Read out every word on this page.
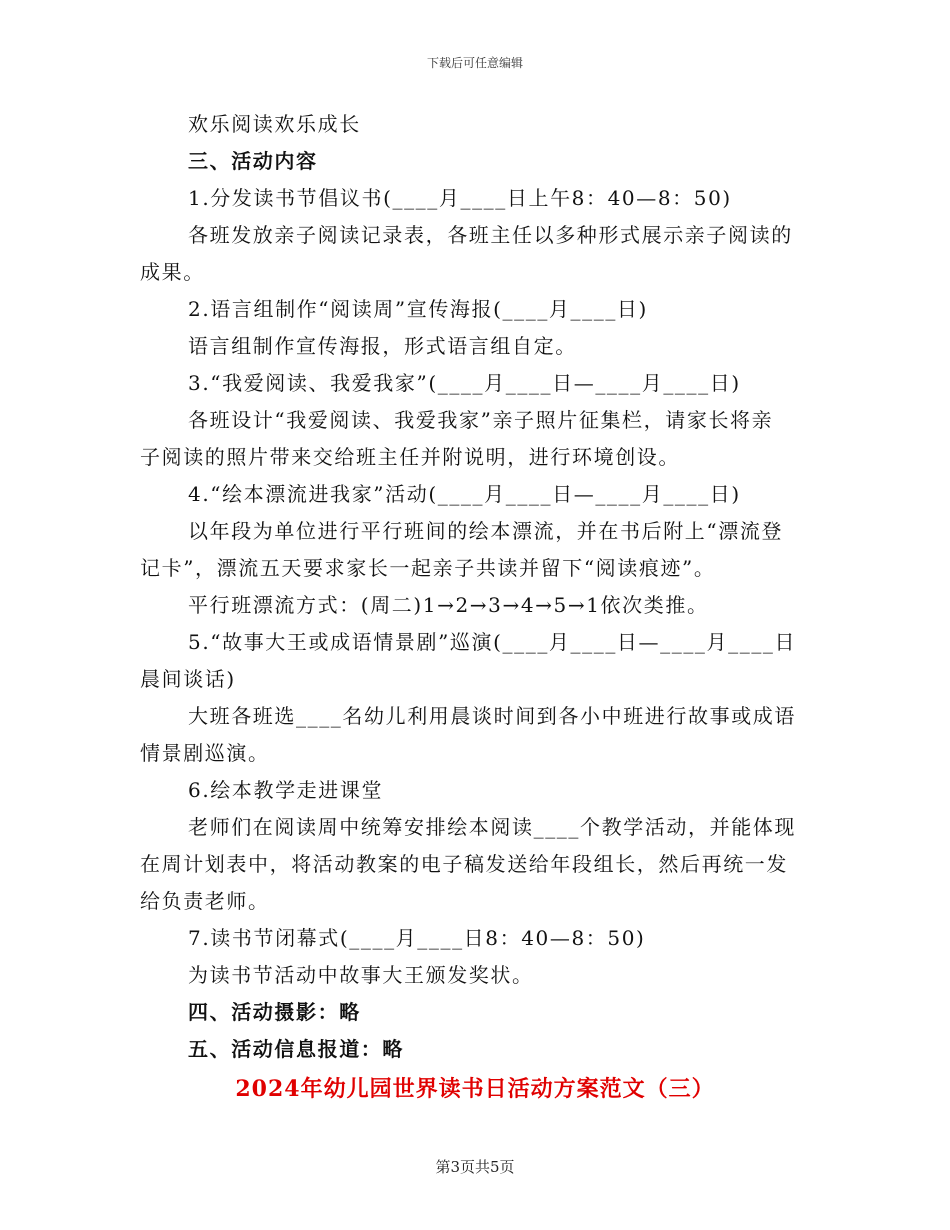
下载后可任意编辑
欢乐阅读欢乐成长
三、活动内容
1.分发读书节倡议书(____月____日上午8：40—8：50)
各班发放亲子阅读记录表，各班主任以多种形式展示亲子阅读的
成果。
2.语言组制作“阅读周”宣传海报(____月____日)
语言组制作宣传海报，形式语言组自定。
3.“我爱阅读、我爱我家”(____月____日—____月____日)
各班设计“我爱阅读、我爱我家”亲子照片征集栏，请家长将亲
子阅读的照片带来交给班主任并附说明，进行环境创设。
4.“绘本漂流进我家”活动(____月____日—____月____日)
以年段为单位进行平行班间的绘本漂流，并在书后附上“漂流登
记卡”，漂流五天要求家长一起亲子共读并留下“阅读痕迹”。
平行班漂流方式：(周二)1→2→3→4→5→1依次类推。
5.“故事大王或成语情景剧”巡演(____月____日—____月____日
晨间谈话)
大班各班选____名幼儿利用晨谈时间到各小中班进行故事或成语
情景剧巡演。
6.绘本教学走进课堂
老师们在阅读周中统筹安排绘本阅读____个教学活动，并能体现
在周计划表中，将活动教案的电子稿发送给年段组长，然后再统一发
给负责老师。
7.读书节闭幕式(____月____日8：40—8：50)
为读书节活动中故事大王颁发奖状。
四、活动摄影：略
五、活动信息报道：略
2024年幼儿园世界读书日活动方案范文（三）
第3页共5页
